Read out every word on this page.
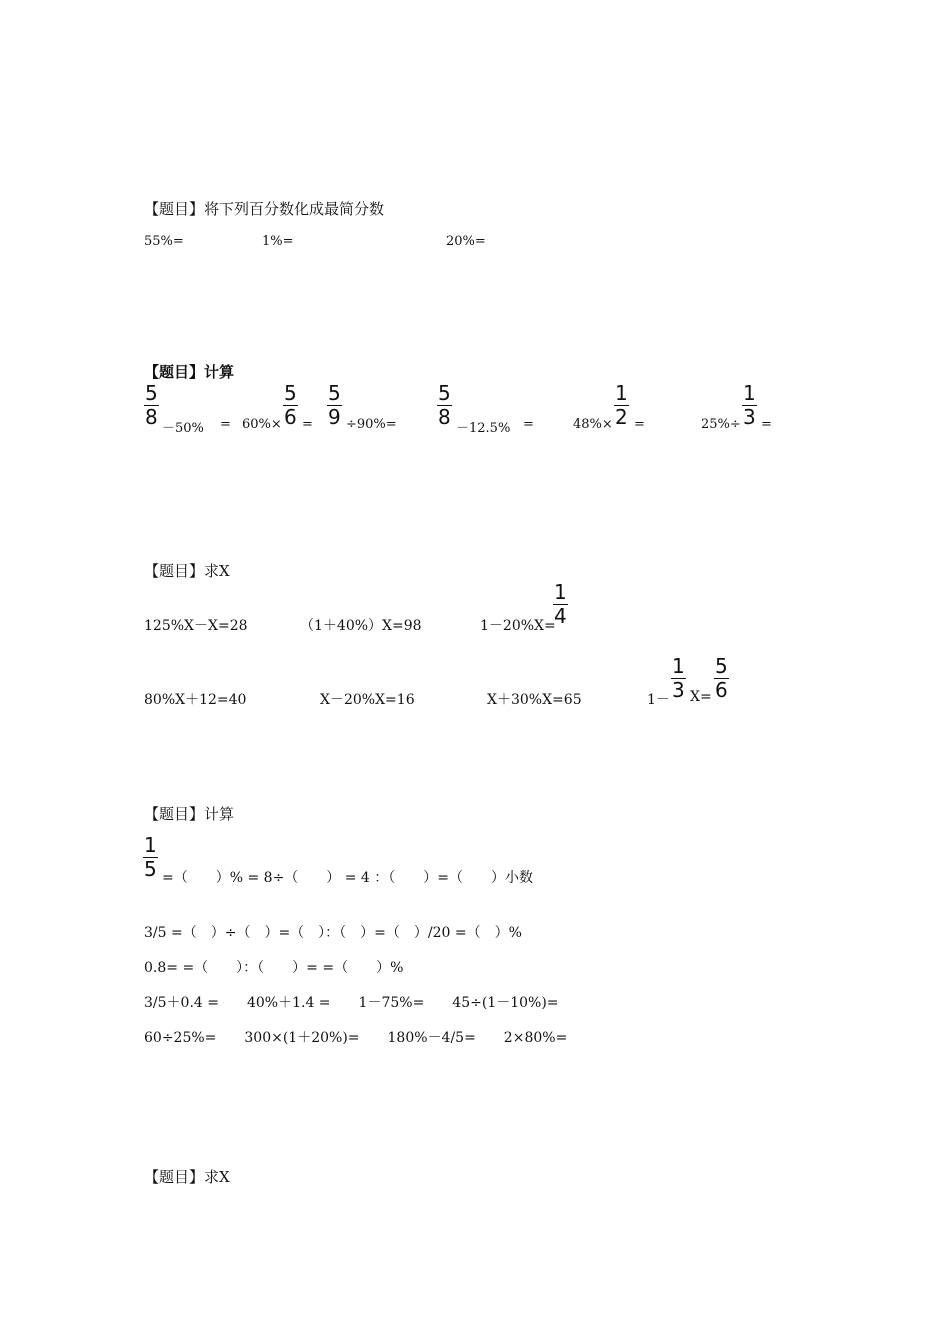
【题目】将下列百分数化成最简分数
55%=	1%=	20%=
【题目】计算
5
8 －50% = 60%×
5
6 =
5
9 ÷90%=
5
8 －12.5% =	48%×
1
2 =	25%÷
1
3 =
【题目】求X
125%X－X=28	（1＋40%）X=98	1－20%X=
1
4
80%X＋12=40	X－20%X=16	X＋30%X=65	1－
1
3 X=
5
6
【题目】计算
1
5 =（　　）% = 8÷（　　） = 4 ：（　　）=（　　）小数
3/5 =（　）÷（　）=（　）：（　）=（　）/20 =（　）%
0.8= =（　　）：（　　）= =（　　）%
3/5＋0.4 =　　40%＋1.4 =　　1－75%=　　45÷(1－10%)=
60÷25%=　　300×(1＋20%)=　　180%－4/5=　　2×80%=
【题目】求X
